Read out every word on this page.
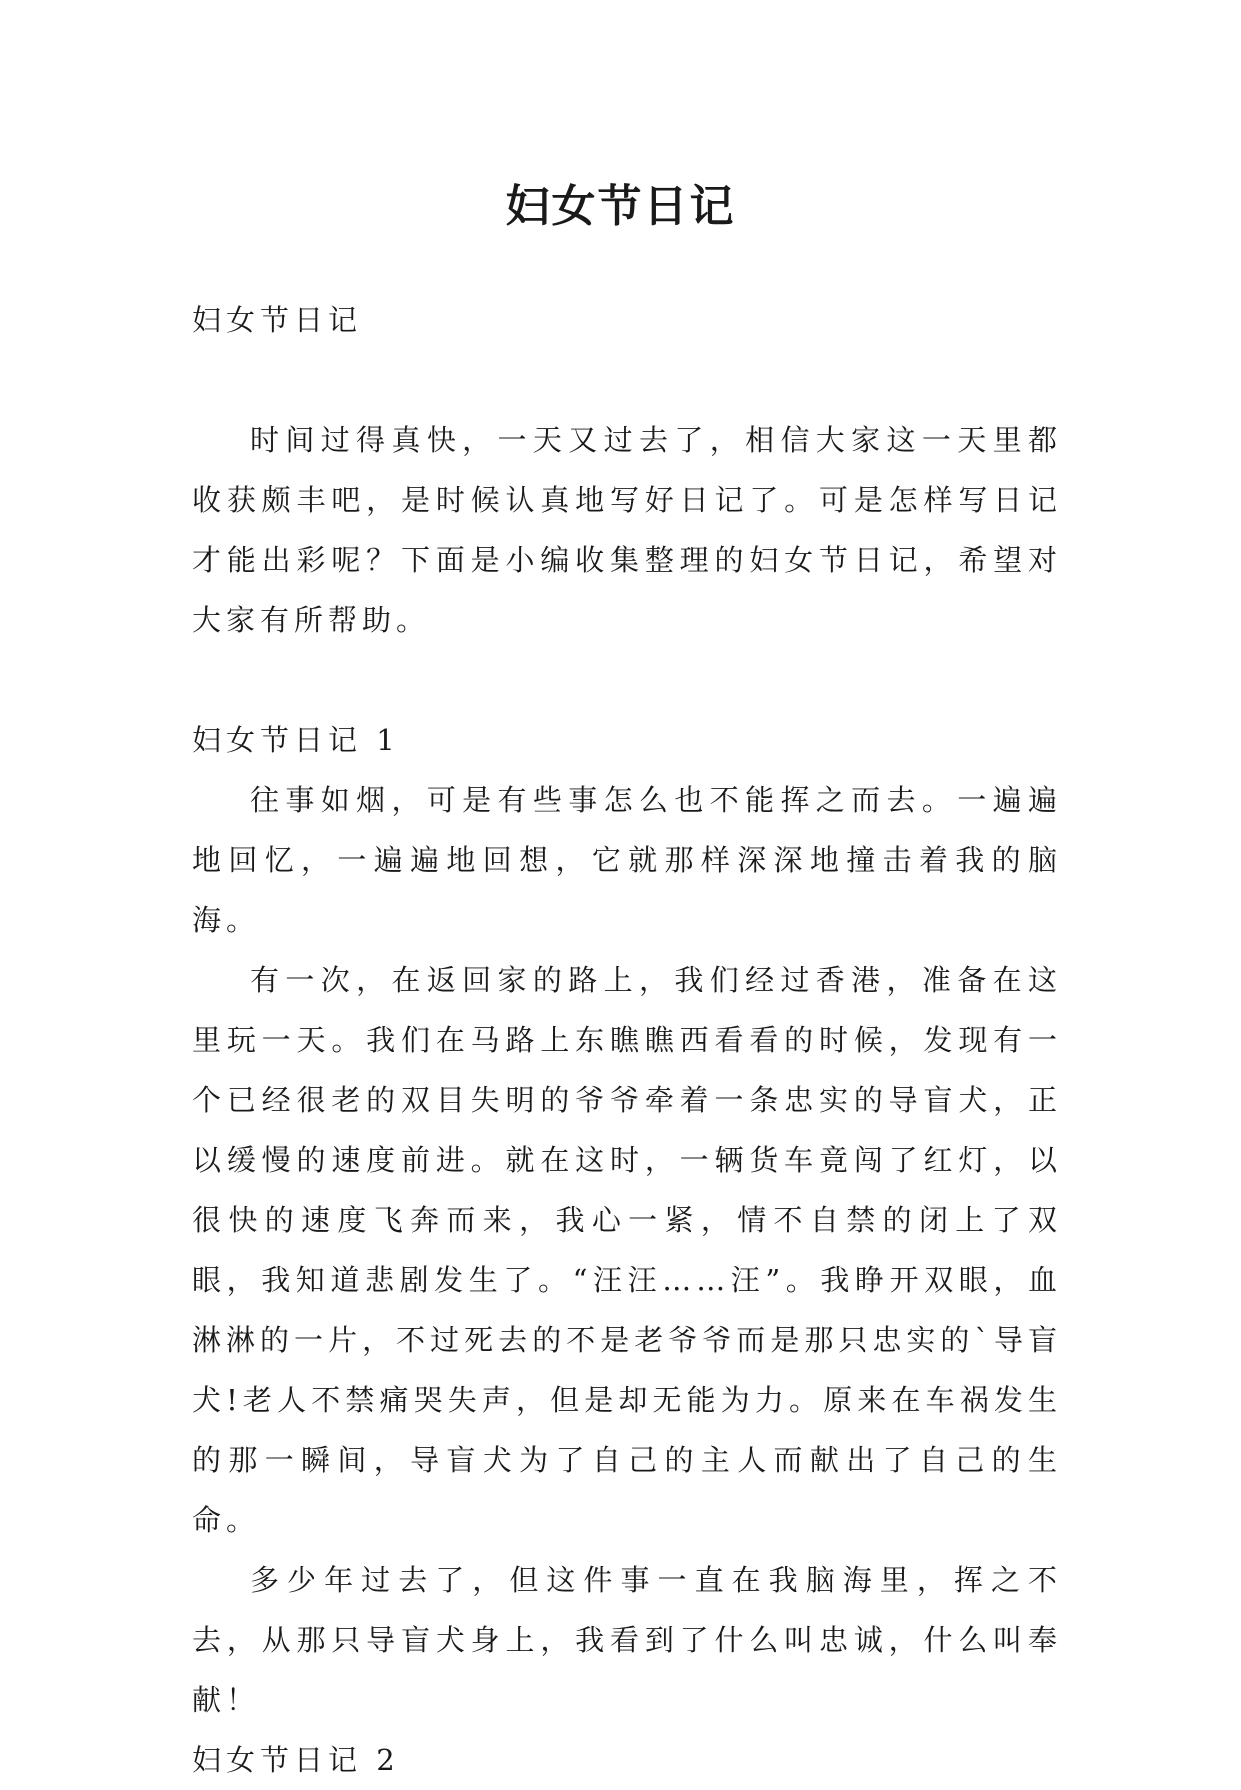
妇女节日记

妇女节日记

时间过得真快，一天又过去了，相信大家这一天里都收获颇丰吧，是时候认真地写好日记了。可是怎样写日记才能出彩呢？下面是小编收集整理的妇女节日记，希望对大家有所帮助。

妇女节日记 1

往事如烟，可是有些事怎么也不能挥之而去。一遍遍地回忆，一遍遍地回想，它就那样深深地撞击着我的脑海。

有一次，在返回家的路上，我们经过香港，准备在这里玩一天。我们在马路上东瞧瞧西看看的时候，发现有一个已经很老的双目失明的爷爷牵着一条忠实的导盲犬，正以缓慢的速度前进。就在这时，一辆货车竟闯了红灯，以很快的速度飞奔而来，我心一紧，情不自禁的闭上了双眼，我知道悲剧发生了。“汪汪……汪”。我睁开双眼，血淋淋的一片，不过死去的不是老爷爷而是那只忠实的`导盲犬!老人不禁痛哭失声，但是却无能为力。原来在车祸发生的那一瞬间，导盲犬为了自己的主人而献出了自己的生命。

多少年过去了，但这件事一直在我脑海里，挥之不去，从那只导盲犬身上，我看到了什么叫忠诚，什么叫奉献！

妇女节日记 2
